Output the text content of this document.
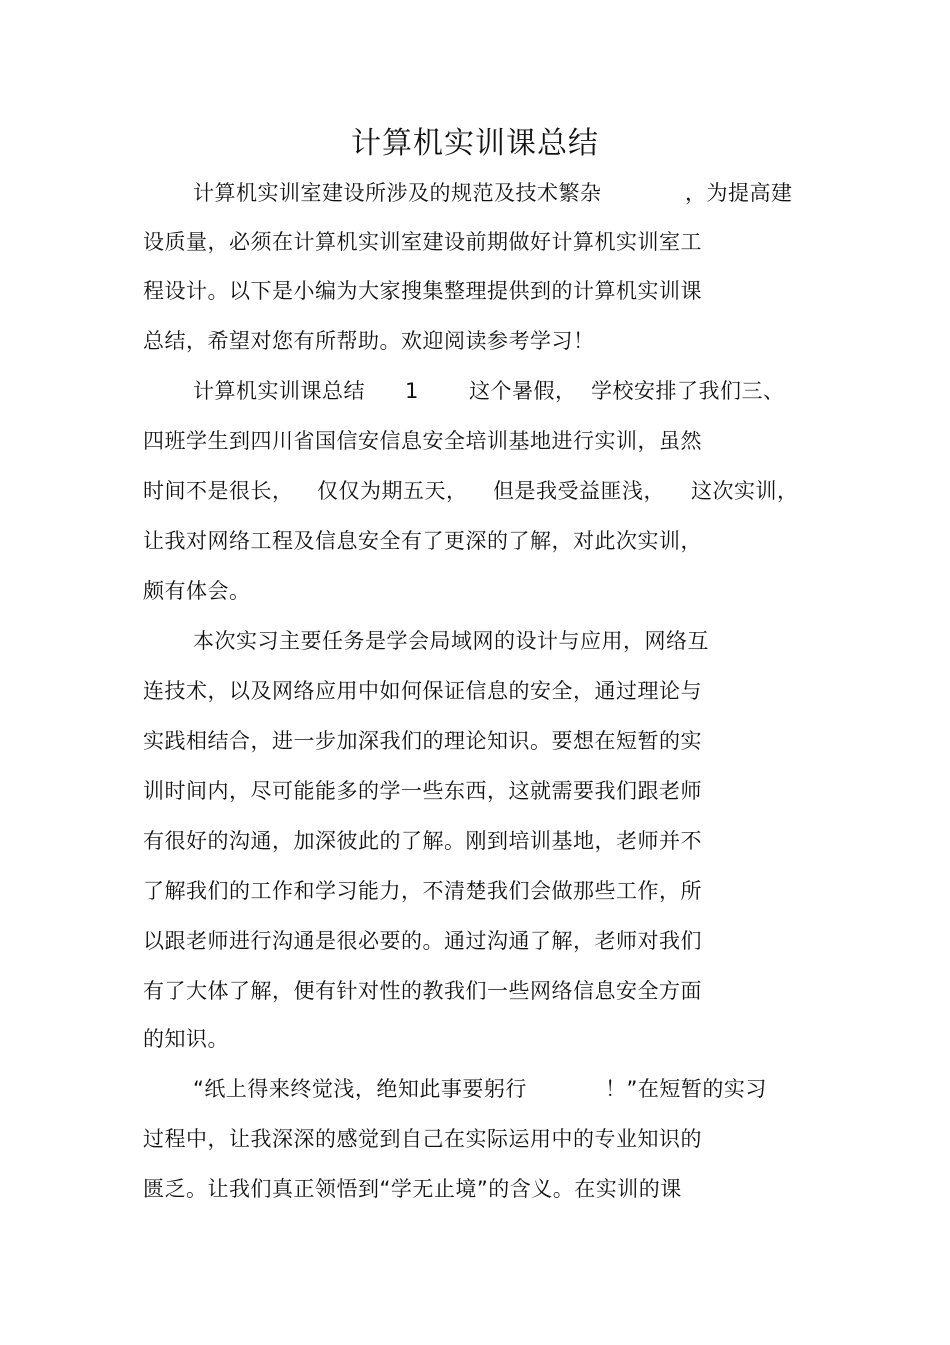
计算机实训课总结
计算机实训室建设所涉及的规范及技术繁杂	，为提高建
设质量，必须在计算机实训室建设前期做好计算机实训室工
程设计。以下是小编为大家搜集整理提供到的计算机实训课
总结，希望对您有所帮助。欢迎阅读参考学习！
计算机实训课总结 1 这个暑假， 学校安排了我们三、
四班学生到四川省国信安信息安全培训基地进行实训，虽然
时间不是很长， 仅仅为期五天， 但是我受益匪浅， 这次实训，
让我对网络工程及信息安全有了更深的了解，对此次实训，
颇有体会。
本次实习主要任务是学会局域网的设计与应用，网络互
连技术，以及网络应用中如何保证信息的安全，通过理论与
实践相结合，进一步加深我们的理论知识。要想在短暂的实
训时间内，尽可能能多的学一些东西，这就需要我们跟老师
有很好的沟通，加深彼此的了解。刚到培训基地，老师并不
了解我们的工作和学习能力，不清楚我们会做那些工作，所
以跟老师进行沟通是很必要的。通过沟通了解，老师对我们
有了大体了解，便有针对性的教我们一些网络信息安全方面
的知识。
“纸上得来终觉浅，绝知此事要躬行	！”在短暂的实习
过程中，让我深深的感觉到自己在实际运用中的专业知识的
匮乏。让我们真正领悟到“学无止境”的含义。在实训的课
